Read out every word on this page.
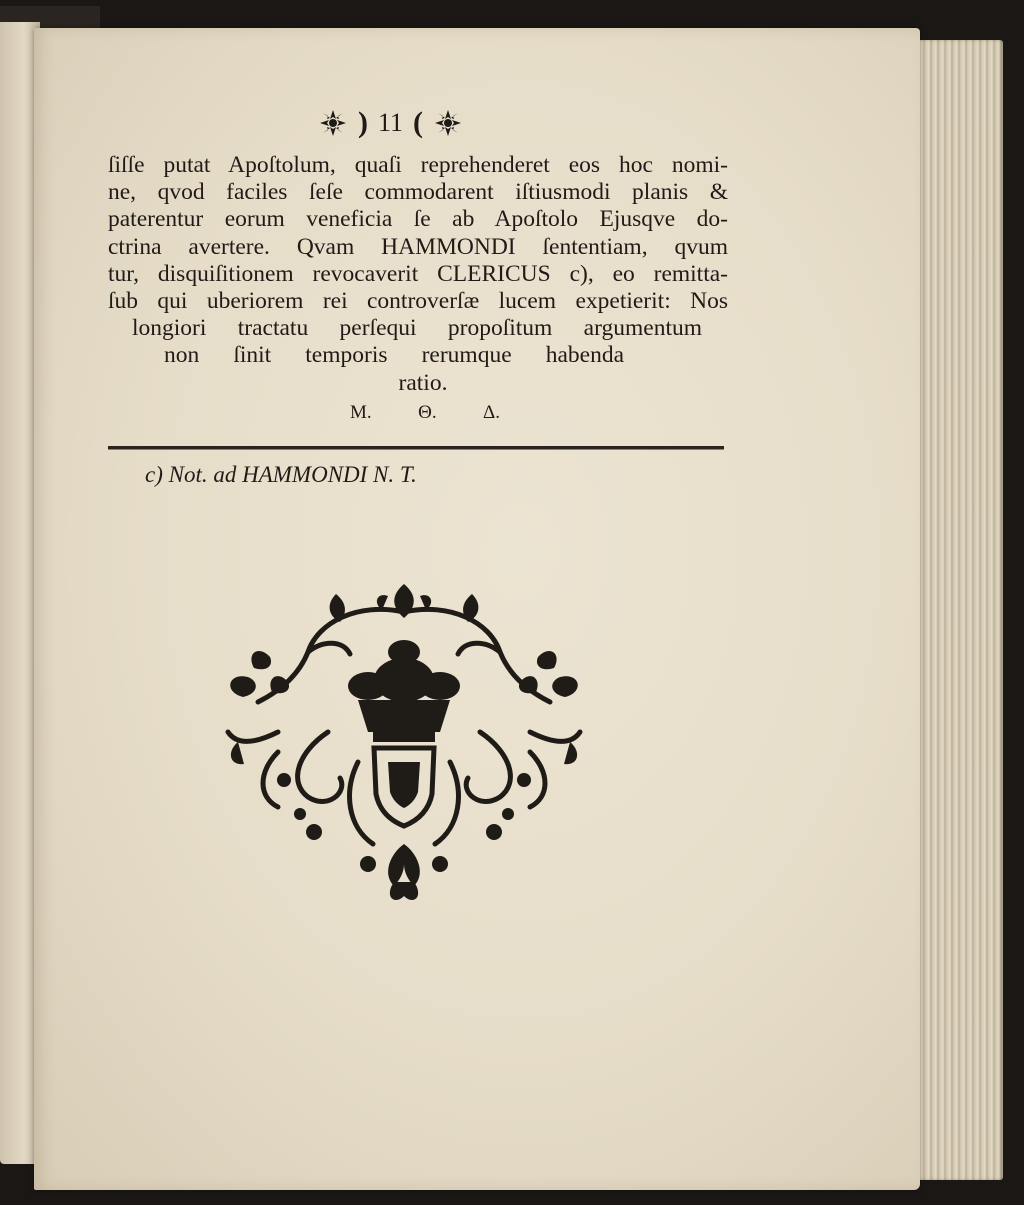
) 11 (
ſiſſe putat Apoſtolum, quaſi reprehenderet eos hoc nomi-
ne, qvod faciles ſeſe commodarent iſtiusmodi planis &
paterentur eorum veneficia ſe ab Apoſtolo Ejusqve do-
ctrina avertere. Qvam HAMMONDI ſententiam, qvum
tur, disquiſitionem revocaverit CLERICUS c), eo remitta-
ſub qui uberiorem rei controverſæ lucem expetierit: Nos
longiori tractatu perſequi propoſitum argumentum
non ſinit temporis rerumque habenda
ratio.
M. Θ. Δ.
c) Not. ad HAMMONDI N. T.
